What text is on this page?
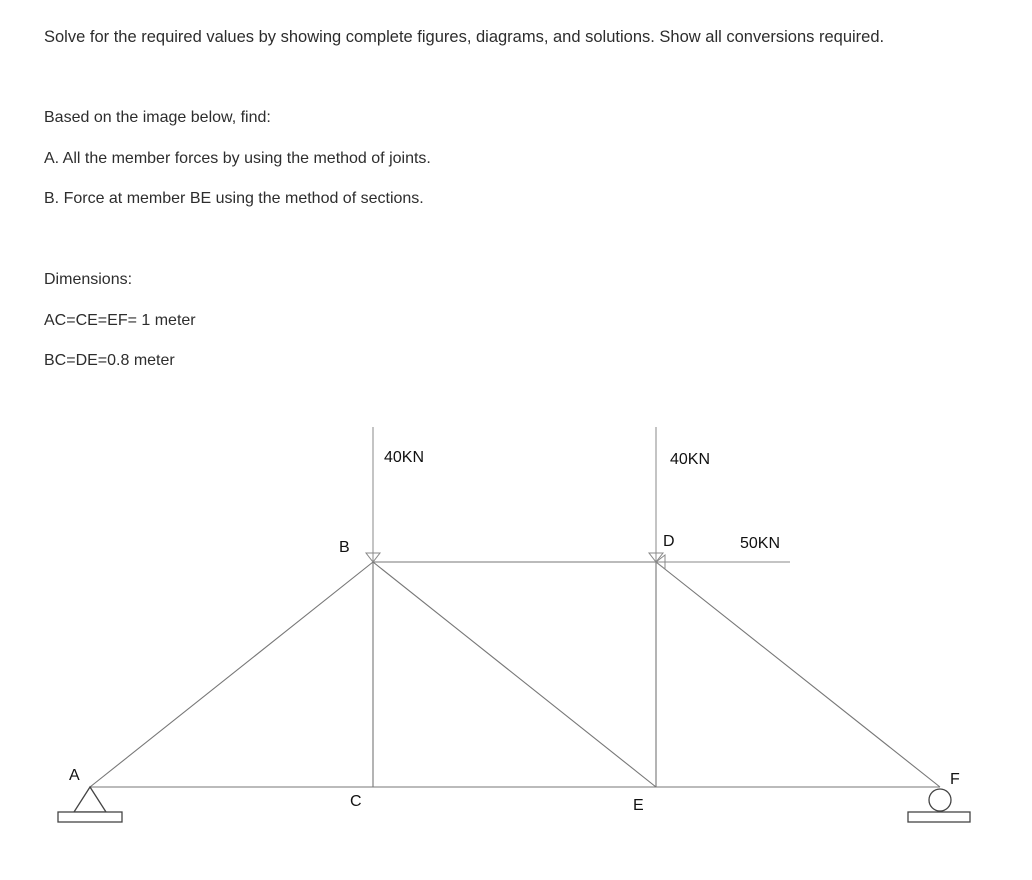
Solve for the required values by showing complete figures, diagrams, and solutions. Show all conversions required.
Based on the image below, find:
A. All the member forces by using the method of joints.
B. Force at member BE using the method of sections.
Dimensions:
AC=CE=EF= 1 meter
BC=DE=0.8 meter
A
B
C
D
E
F
40KN	40KN
50KN
